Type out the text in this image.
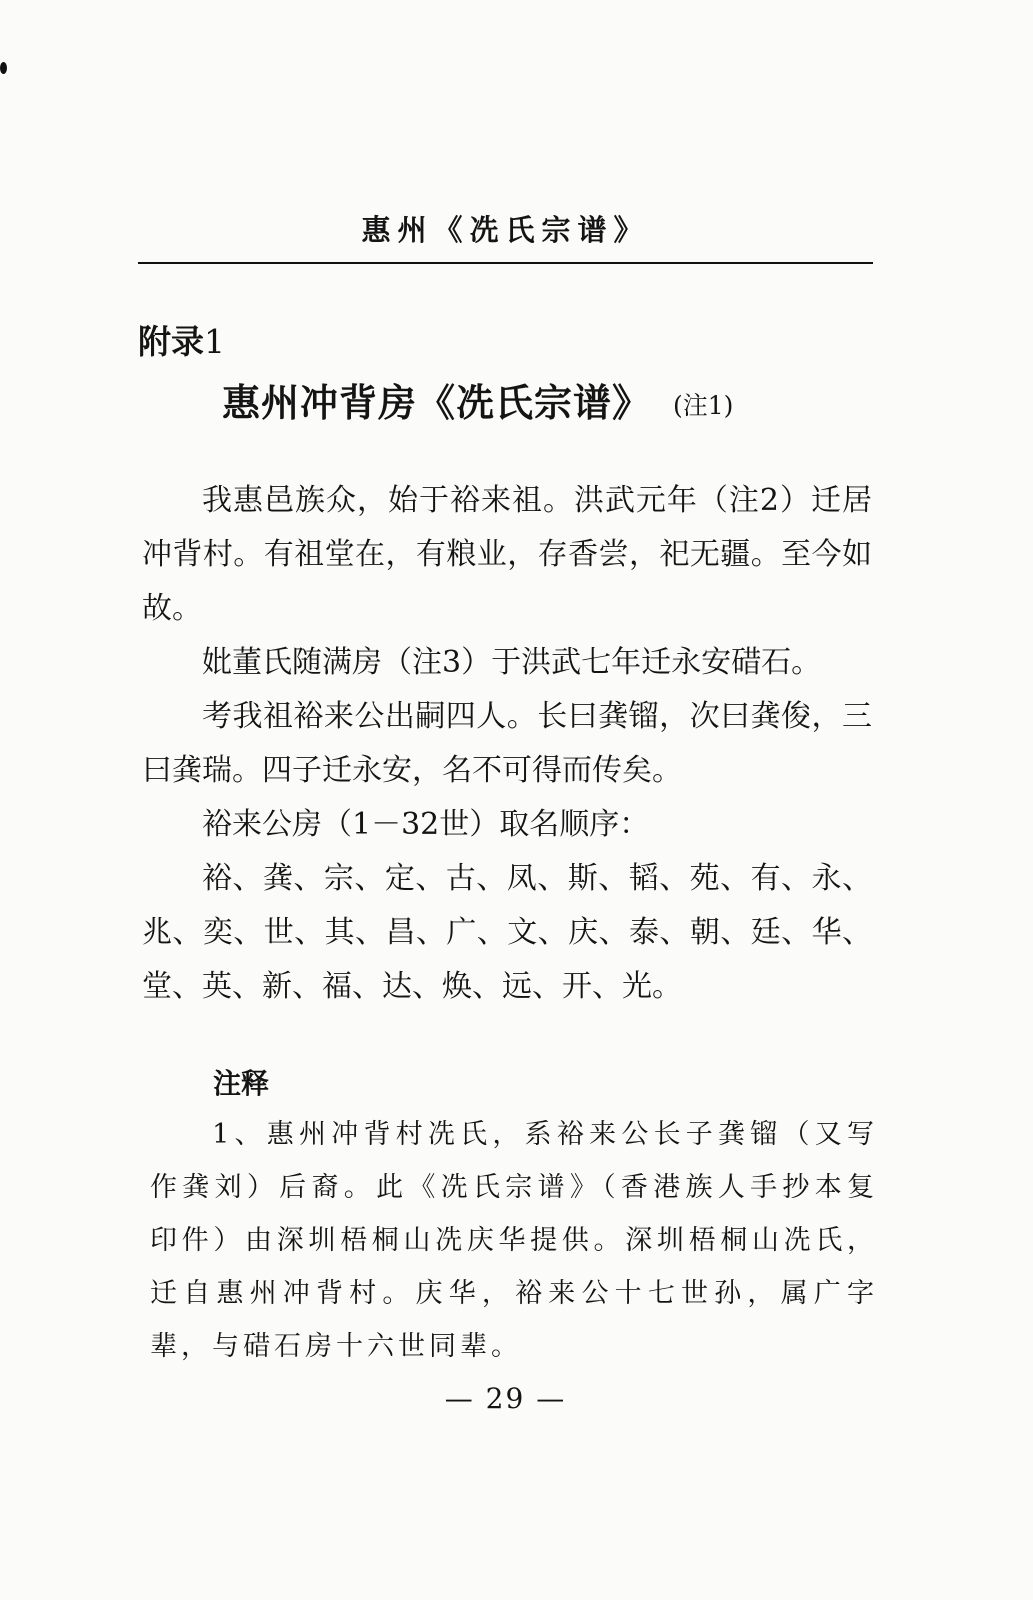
惠州《冼氏宗谱》
附录1
惠州冲背房《冼氏宗谱》 (注1)

我惠邑族众，始于裕来祖。洪武元年（注2）迁居冲背村。有祖堂在，有粮业，存香尝，祀无疆。至今如故。

妣董氏随满房（注3）于洪武七年迁永安碏石。

考我祖裕来公出嗣四人。长曰龚镏，次曰龚俊，三曰龚瑞。四子迁永安，名不可得而传矣。

裕来公房（1－32世）取名顺序：

裕、龚、宗、定、古、凤、斯、韬、苑、有、永、兆、奕、世、其、昌、广、文、庆、泰、朝、廷、华、堂、英、新、福、达、焕、远、开、光。

注释

1、惠州冲背村冼氏，系裕来公长子龚镏（又写作龚刘）后裔。此《冼氏宗谱》（香港族人手抄本复印件）由深圳梧桐山冼庆华提供。深圳梧桐山冼氏，迁自惠州冲背村。庆华，裕来公十七世孙，属广字辈，与碏石房十六世同辈。

— 29 —
